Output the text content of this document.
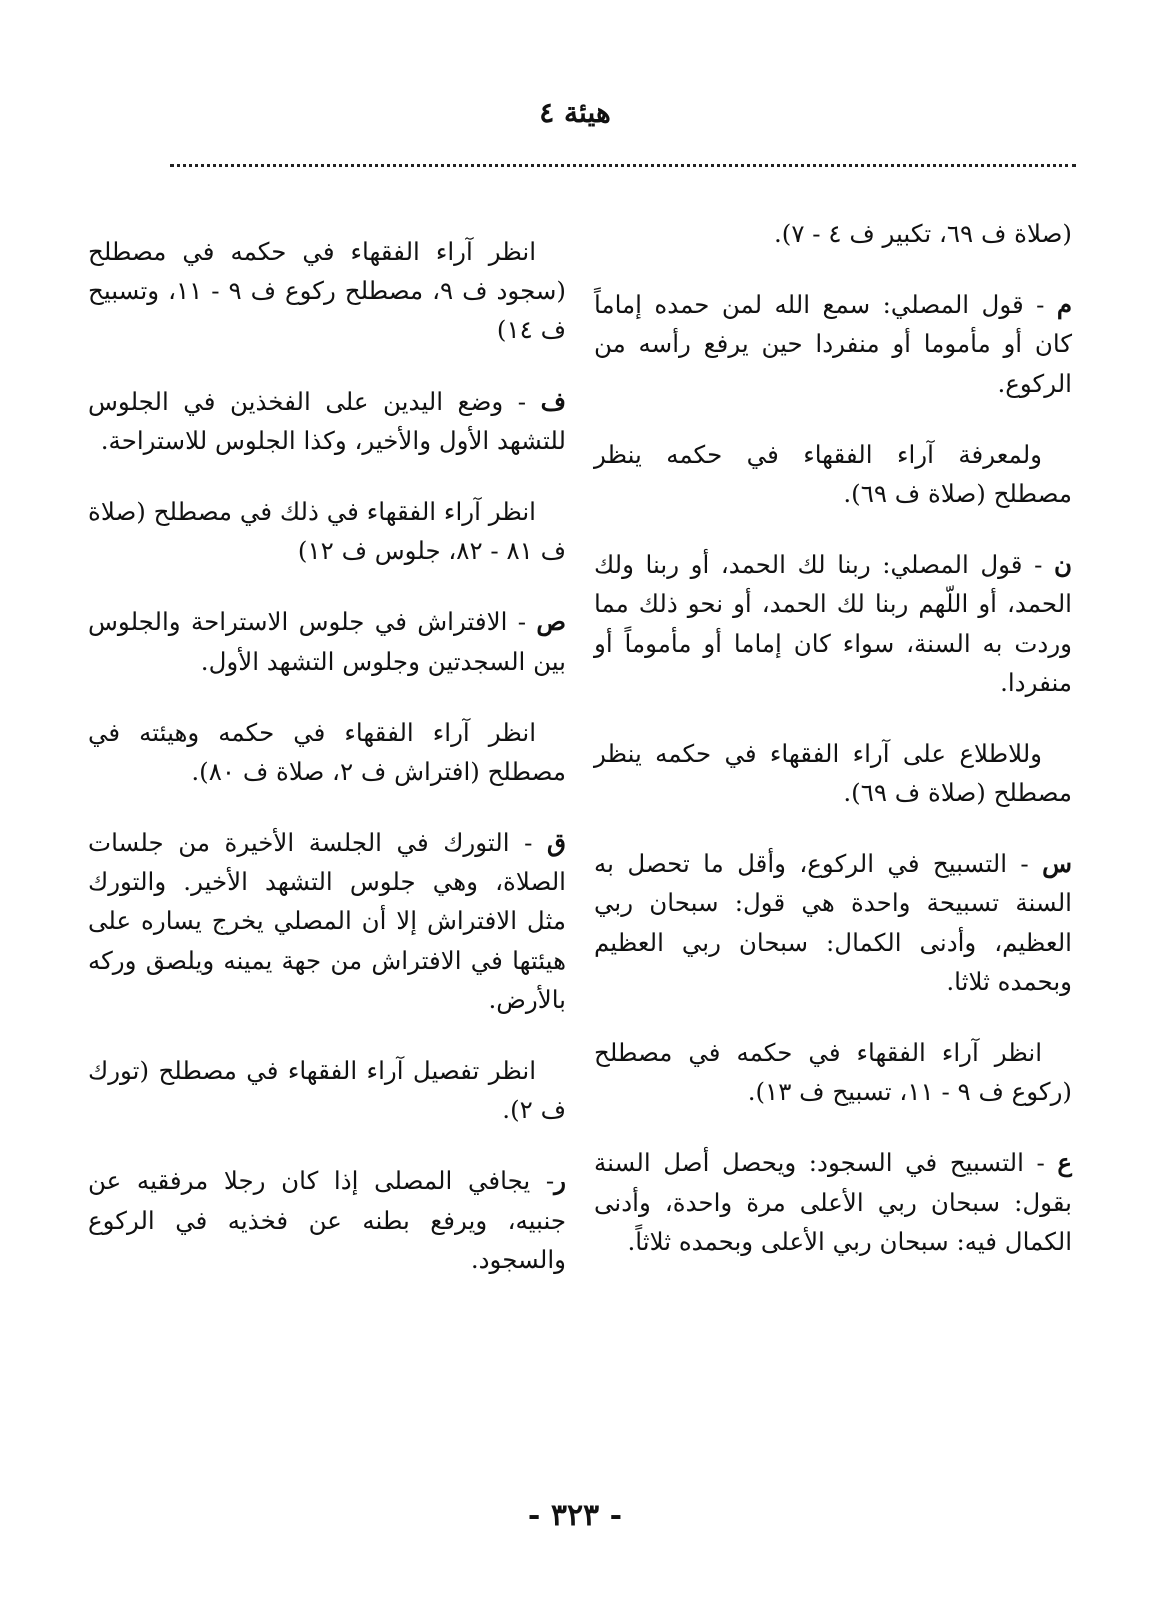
هيئة ٤

(صلاة ف ٦٩، تكبير ف ٤ - ٧).

م - قول المصلي: سمع الله لمن حمده إماماً كان أو مأموما أو منفردا حين يرفع رأسه من الركوع.

ولمعرفة آراء الفقهاء في حكمه ينظر مصطلح (صلاة ف ٦٩).

ن - قول المصلي: ربنا لك الحمد، أو ربنا ولك الحمد، أو اللّهم ربنا لك الحمد، أو نحو ذلك مما وردت به السنة، سواء كان إماما أو مأموماً أو منفردا.

وللاطلاع على آراء الفقهاء في حكمه ينظر مصطلح (صلاة ف ٦٩).

س - التسبيح في الركوع، وأقل ما تحصل به السنة تسبيحة واحدة هي قول: سبحان ربي العظيم، وأدنى الكمال: سبحان ربي العظيم وبحمده ثلاثا.

انظر آراء الفقهاء في حكمه في مصطلح (ركوع ف ٩ - ١١، تسبيح ف ١٣).

ع - التسبيح في السجود: ويحصل أصل السنة بقول: سبحان ربي الأعلى مرة واحدة، وأدنى الكمال فيه: سبحان ربي الأعلى وبحمده ثلاثاً.

انظر آراء الفقهاء في حكمه في مصطلح (سجود ف ٩، مصطلح ركوع ف ٩ - ١١، وتسبيح ف ١٤)

ف - وضع اليدين على الفخذين في الجلوس للتشهد الأول والأخير، وكذا الجلوس للاستراحة.

انظر آراء الفقهاء في ذلك في مصطلح (صلاة ف ٨١ - ٨٢، جلوس ف ١٢)

ص - الافتراش في جلوس الاستراحة والجلوس بين السجدتين وجلوس التشهد الأول.

انظر آراء الفقهاء في حكمه وهيئته في مصطلح (افتراش ف ٢، صلاة ف ٨٠).

ق - التورك في الجلسة الأخيرة من جلسات الصلاة، وهي جلوس التشهد الأخير. والتورك مثل الافتراش إلا أن المصلي يخرج يساره على هيئتها في الافتراش من جهة يمينه ويلصق وركه بالأرض.

انظر تفصيل آراء الفقهاء في مصطلح (تورك ف ٢).

ر- يجافي المصلى إذا كان رجلا مرفقيه عن جنبيه، ويرفع بطنه عن فخذيه في الركوع والسجود.

- ٣٢٣ -
